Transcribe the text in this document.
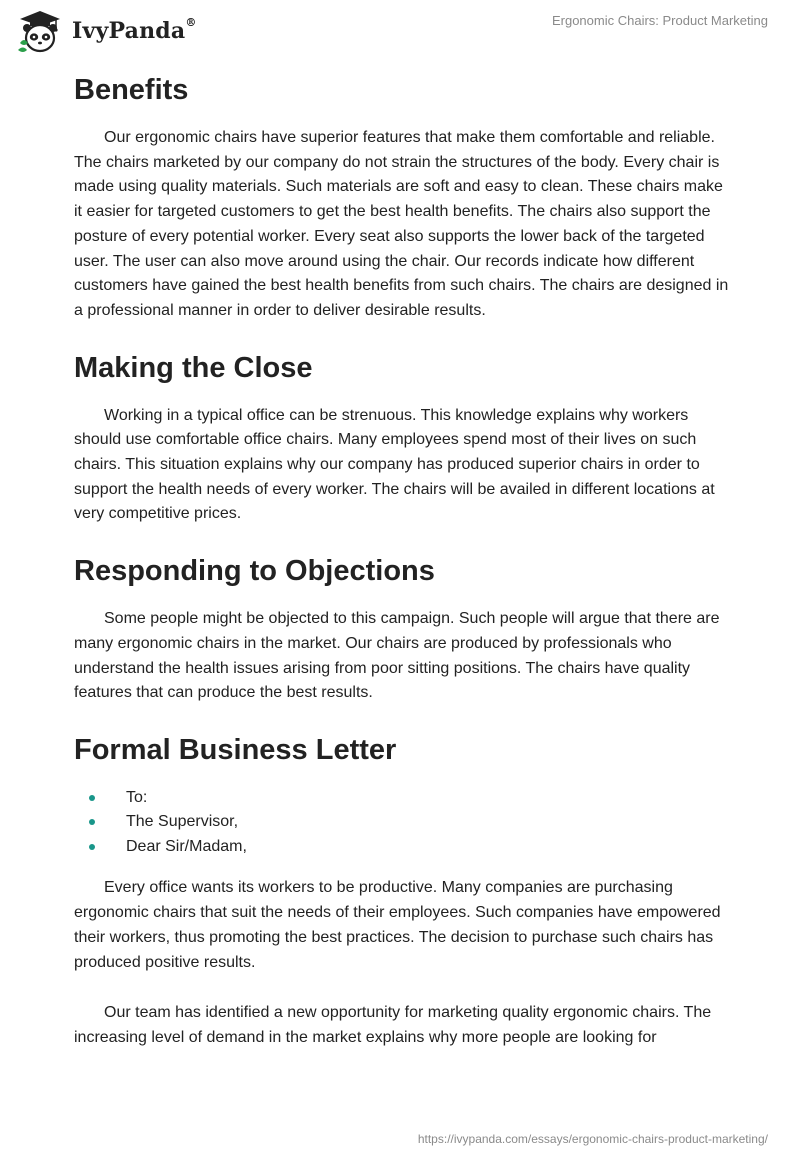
IvyPanda®	Ergonomic Chairs: Product Marketing
Benefits

Our ergonomic chairs have superior features that make them comfortable and reliable. The chairs marketed by our company do not strain the structures of the body. Every chair is made using quality materials. Such materials are soft and easy to clean. These chairs make it easier for targeted customers to get the best health benefits. The chairs also support the posture of every potential worker. Every seat also supports the lower back of the targeted user. The user can also move around using the chair. Our records indicate how different customers have gained the best health benefits from such chairs. The chairs are designed in a professional manner in order to deliver desirable results.

Making the Close

Working in a typical office can be strenuous. This knowledge explains why workers should use comfortable office chairs. Many employees spend most of their lives on such chairs. This situation explains why our company has produced superior chairs in order to support the health needs of every worker. The chairs will be availed in different locations at very competitive prices.

Responding to Objections

Some people might be objected to this campaign. Such people will argue that there are many ergonomic chairs in the market. Our chairs are produced by professionals who understand the health issues arising from poor sitting positions. The chairs have quality features that can produce the best results.

Formal Business Letter
To:
The Supervisor,
Dear Sir/Madam,

Every office wants its workers to be productive. Many companies are purchasing ergonomic chairs that suit the needs of their employees. Such companies have empowered their workers, thus promoting the best practices. The decision to purchase such chairs has produced positive results.

Our team has identified a new opportunity for marketing quality ergonomic chairs. The increasing level of demand in the market explains why more people are looking for

https://ivypanda.com/essays/ergonomic-chairs-product-marketing/
